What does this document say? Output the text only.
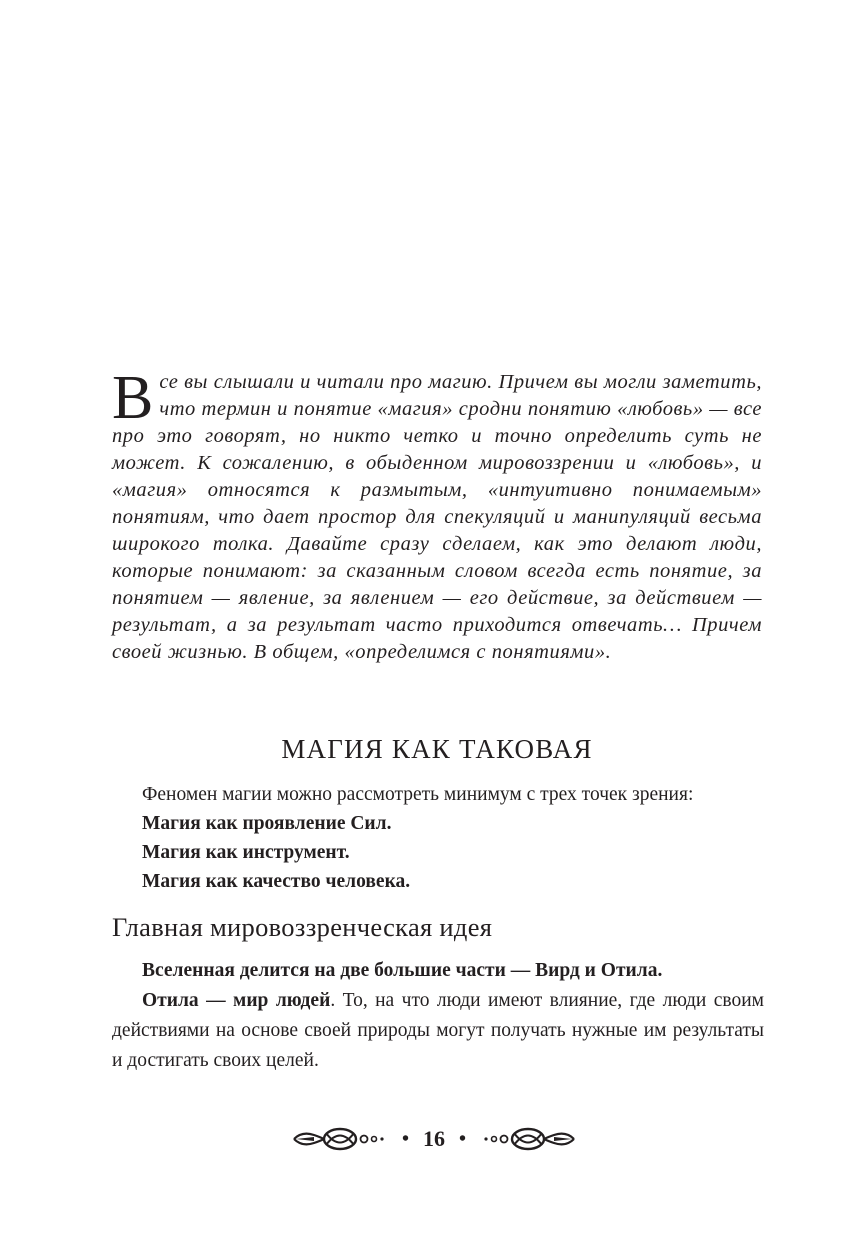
Все вы слышали и читали про магию. Причем вы могли заметить, что термин и понятие «магия» сродни понятию «любовь» — все про это говорят, но никто четко и точно определить суть не может. К сожалению, в обыденном мировоззрении и «любовь», и «магия» относятся к размытым, «интуитивно понимаемым» понятиям, что дает простор для спекуляций и манипуляций весьма широкого толка. Давайте сразу сделаем, как это делают люди, которые понимают: за сказанным словом всегда есть понятие, за понятием — явление, за явлением — его действие, за действием — результат, а за результат часто приходится отвечать… Причем своей жизнью. В общем, «определимся с понятиями».

МАГИЯ КАК ТАКОВАЯ

Феномен магии можно рассмотреть минимум с трех точек зрения:

Магия как проявление Сил.
Магия как инструмент.
Магия как качество человека.
Главная мировоззренческая идея
Вселенная делится на две большие части — Вирд и Отила.
Отила — мир людей. То, на что люди имеют влияние, где люди своим действиями на основе своей природы могут получать нужные им результаты и достигать своих целей.
• 16 •
